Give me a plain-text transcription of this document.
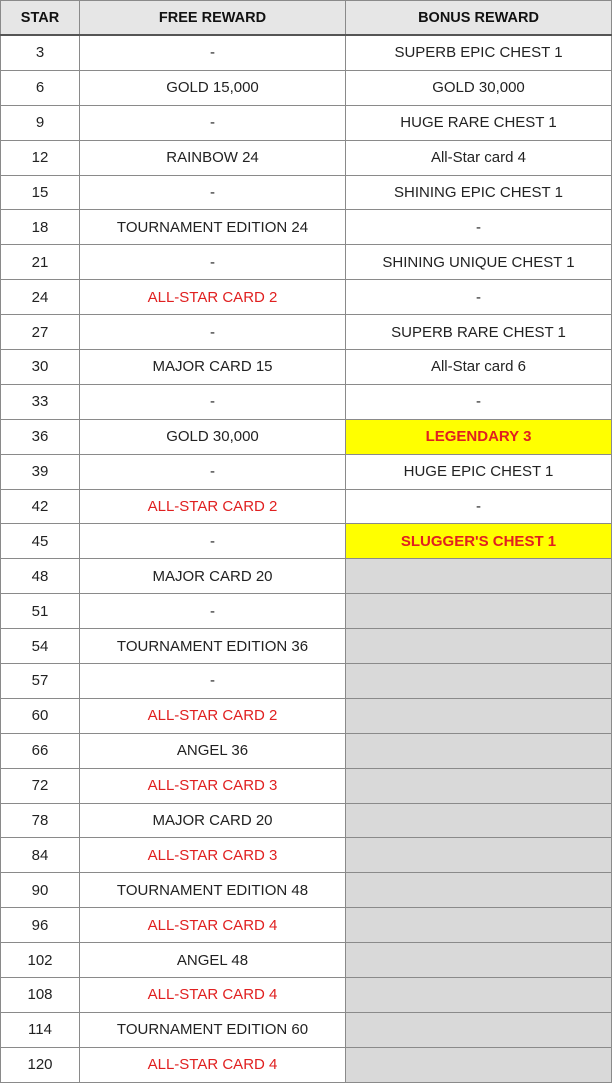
STAR	FREE REWARD	BONUS REWARD
3	-	SUPERB EPIC CHEST 1
6	GOLD 15,000	GOLD 30,000
9	-	HUGE RARE CHEST 1
12	RAINBOW 24	All-Star card 4
15	-	SHINING EPIC CHEST 1
18	TOURNAMENT EDITION 24	-
21	-	SHINING UNIQUE CHEST 1
24	ALL-STAR CARD 2	-
27	-	SUPERB RARE CHEST 1
30	MAJOR CARD 15	All-Star card 6
33	-	-
36	GOLD 30,000	LEGENDARY 3
39	-	HUGE EPIC CHEST 1
42	ALL-STAR CARD 2	-
45	-	SLUGGER'S CHEST 1
48	MAJOR CARD 20	
51	-	
54	TOURNAMENT EDITION 36	
57	-	
60	ALL-STAR CARD 2	
66	ANGEL 36	
72	ALL-STAR CARD 3	
78	MAJOR CARD 20	
84	ALL-STAR CARD 3	
90	TOURNAMENT EDITION 48	
96	ALL-STAR CARD 4	
102	ANGEL 48	
108	ALL-STAR CARD 4	
114	TOURNAMENT EDITION 60	
120	ALL-STAR CARD 4	
